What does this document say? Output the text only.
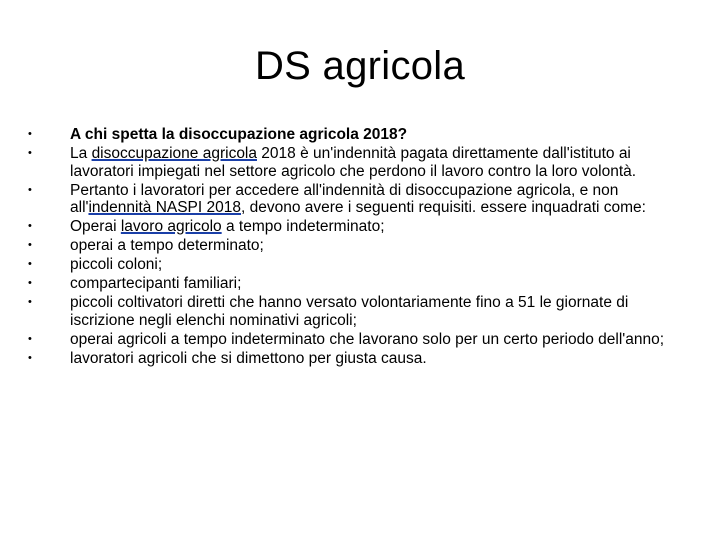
DS agricola
•	A chi spetta la disoccupazione agricola 2018?
•	La disoccupazione agricola 2018 è un'indennità pagata direttamente dall'istituto ai lavoratori impiegati nel settore agricolo che perdono il lavoro contro la loro volontà.
•	Pertanto i lavoratori per accedere all'indennità di disoccupazione agricola, e non all'indennità NASPI 2018, devono avere i seguenti requisiti. essere inquadrati come:
•	Operai lavoro agricolo a tempo indeterminato;
•	operai a tempo determinato;
•	piccoli coloni;
•	compartecipanti familiari;
•	piccoli coltivatori diretti che hanno versato volontariamente fino a 51 le giornate di iscrizione negli elenchi nominativi agricoli;
•	operai agricoli a tempo indeterminato che lavorano solo per un certo periodo dell'anno;
•	lavoratori agricoli che si dimettono per giusta causa.
